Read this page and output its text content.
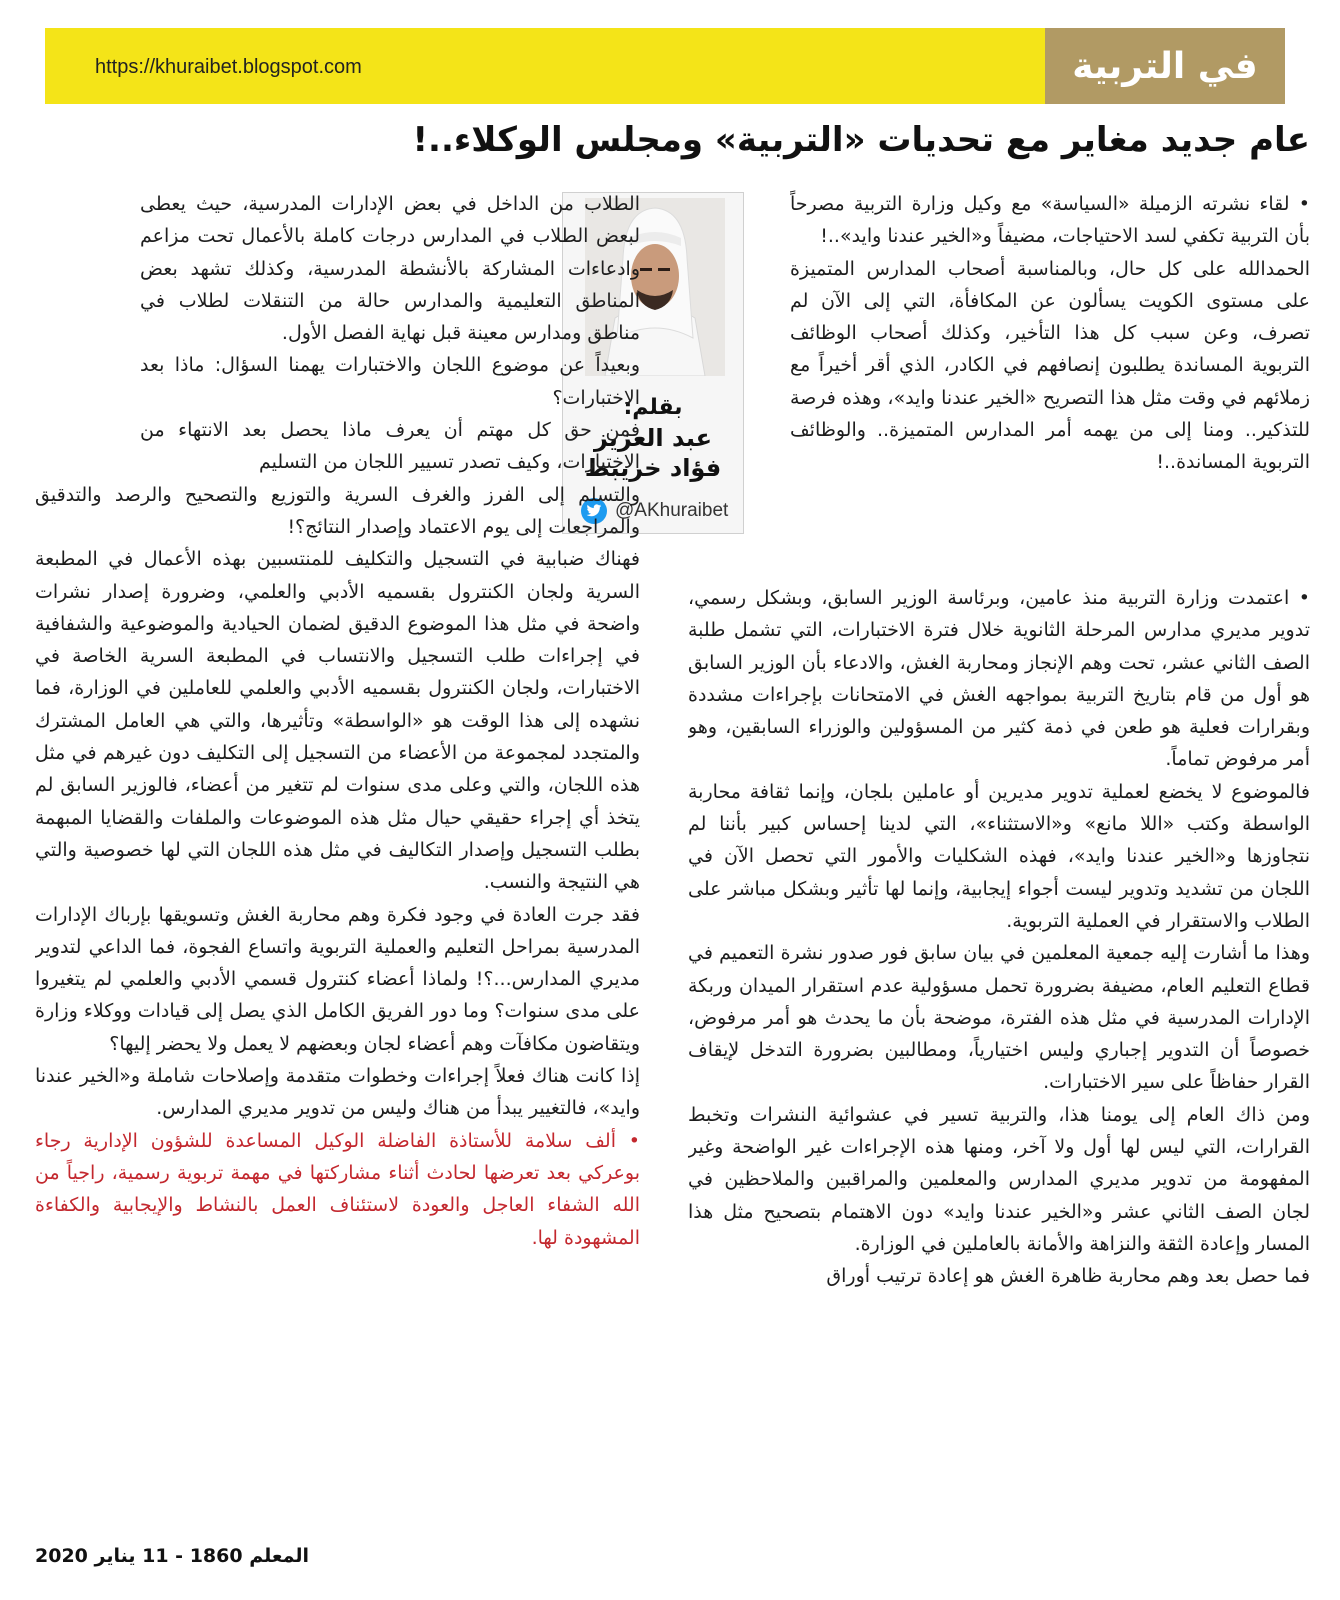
https://khuraibet.blogspot.com	في التربية
عام جديد مغاير مع تحديات «التربية» ومجلس الوكلاء..!

• لقاء نشرته الزميلة «السياسة» مع وكيل وزارة التربية مصرحاً بأن التربية تكفي لسد الاحتياجات، مضيفاً و«الخير عندنا وايد»..!

الحمدالله على كل حال، وبالمناسبة أصحاب المدارس المتميزة على مستوى الكويت يسألون عن المكافأة، التي إلى الآن لم تصرف، وعن سبب كل هذا التأخير، وكذلك أصحاب الوظائف التربوية المساندة يطلبون إنصافهم في الكادر، الذي أقر أخيراً مع زملائهم في وقت مثل هذا التصريح «الخير عندنا وايد»، وهذه فرصة للتذكير.. ومنا إلى من يهمه أمر المدارس المتميزة.. والوظائف التربوية المساندة..!

بقلم:
عبد العزيز
فؤاد خريبط
@AKhuraibet

• اعتمدت وزارة التربية منذ عامين، وبرئاسة الوزير السابق، وبشكل رسمي، تدوير مديري مدارس المرحلة الثانوية خلال فترة الاختبارات، التي تشمل طلبة الصف الثاني عشر، تحت وهم الإنجاز ومحاربة الغش، والادعاء بأن الوزير السابق هو أول من قام بتاريخ التربية بمواجهه الغش في الامتحانات بإجراءات مشددة وبقرارات فعلية هو طعن في ذمة كثير من المسؤولين والوزراء السابقين، وهو أمر مرفوض تماماً.

فالموضوع لا يخضع لعملية تدوير مديرين أو عاملين بلجان، وإنما ثقافة محاربة الواسطة وكتب «اللا مانع» و«الاستثناء»، التي لدينا إحساس كبير بأننا لم نتجاوزها و«الخير عندنا وايد»، فهذه الشكليات والأمور التي تحصل الآن في اللجان من تشديد وتدوير ليست أجواء إيجابية، وإنما لها تأثير وبشكل مباشر على الطلاب والاستقرار في العملية التربوية.

وهذا ما أشارت إليه جمعية المعلمين في بيان سابق فور صدور نشرة التعميم في قطاع التعليم العام، مضيفة بضرورة تحمل مسؤولية عدم استقرار الميدان وربكة الإدارات المدرسية في مثل هذه الفترة، موضحة بأن ما يحدث هو أمر مرفوض، خصوصاً أن التدوير إجباري وليس اختيارياً، ومطالبين بضرورة التدخل لإيقاف القرار حفاظاً على سير الاختبارات.

ومن ذاك العام إلى يومنا هذا، والتربية تسير في عشوائية النشرات وتخبط القرارات، التي ليس لها أول ولا آخر، ومنها هذه الإجراءات غير الواضحة وغير المفهومة من تدوير مديري المدارس والمعلمين والمراقبين والملاحظين في لجان الصف الثاني عشر و«الخير عندنا وايد» دون الاهتمام بتصحيح مثل هذا المسار وإعادة الثقة والنزاهة والأمانة بالعاملين في الوزارة.

فما حصل بعد وهم محاربة ظاهرة الغش هو إعادة ترتيب أوراق

الطلاب من الداخل في بعض الإدارات المدرسية، حيث يعطى لبعض الطلاب في المدارس درجات كاملة بالأعمال تحت مزاعم وادعاءات المشاركة بالأنشطة المدرسية، وكذلك تشهد بعض المناطق التعليمية والمدارس حالة من التنقلات لطلاب في مناطق ومدارس معينة قبل نهاية الفصل الأول.

وبعيداً عن موضوع اللجان والاختبارات يهمنا السؤال: ماذا بعد الاختبارات؟

فمن حق كل مهتم أن يعرف ماذا يحصل بعد الانتهاء من الاختبارات، وكيف تصدر تسيير اللجان من التسليم

والتسلم إلى الفرز والغرف السرية والتوزيع والتصحيح والرصد والتدقيق والمراجعات إلى يوم الاعتماد وإصدار النتائج؟!

فهناك ضبابية في التسجيل والتكليف للمنتسبين بهذه الأعمال في المطبعة السرية ولجان الكنترول بقسميه الأدبي والعلمي، وضرورة إصدار نشرات واضحة في مثل هذا الموضوع الدقيق لضمان الحيادية والموضوعية والشفافية في إجراءات طلب التسجيل والانتساب في المطبعة السرية الخاصة في الاختبارات، ولجان الكنترول بقسميه الأدبي والعلمي للعاملين في الوزارة، فما نشهده إلى هذا الوقت هو «الواسطة» وتأثيرها، والتي هي العامل المشترك والمتجدد لمجموعة من الأعضاء من التسجيل إلى التكليف دون غيرهم في مثل هذه اللجان، والتي وعلى مدى سنوات لم تتغير من أعضاء، فالوزير السابق لم يتخذ أي إجراء حقيقي حيال مثل هذه الموضوعات والملفات والقضايا المبهمة بطلب التسجيل وإصدار التكاليف في مثل هذه اللجان التي لها خصوصية والتي هي النتيجة والنسب.

فقد جرت العادة في وجود فكرة وهم محاربة الغش وتسويقها بإرباك الإدارات المدرسية بمراحل التعليم والعملية التربوية واتساع الفجوة، فما الداعي لتدوير مديري المدارس...؟! ولماذا أعضاء كنترول قسمي الأدبي والعلمي لم يتغيروا على مدى سنوات؟ وما دور الفريق الكامل الذي يصل إلى قيادات ووكلاء وزارة ويتقاضون مكافآت وهم أعضاء لجان وبعضهم لا يعمل ولا يحضر إليها؟

إذا كانت هناك فعلاً إجراءات وخطوات متقدمة وإصلاحات شاملة و«الخير عندنا وايد»، فالتغيير يبدأ من هناك وليس من تدوير مديري المدارس.

• ألف سلامة للأستاذة الفاضلة الوكيل المساعدة للشؤون الإدارية رجاء بوعركي بعد تعرضها لحادث أثناء مشاركتها في مهمة تربوية رسمية، راجياً من الله الشفاء العاجل والعودة لاستئناف العمل بالنشاط والإيجابية والكفاءة المشهودة لها.

المعلم 1860 - 11 يناير 2020
